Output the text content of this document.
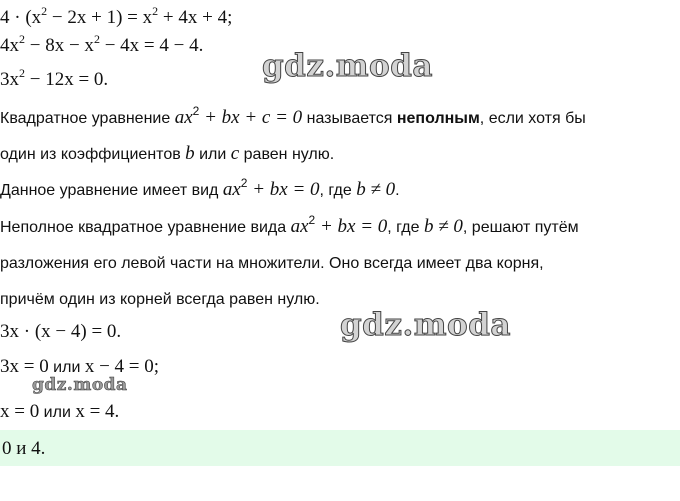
$4 \cdot (x^2 - 2x + 1) = x^2 + 4x + 4$;
$4x^2 - 8x - x^2 - 4x = 4 - 4$.
$3x^2 - 12x = 0$.
Квадратное уравнение $ax^2$ + bx + c = 0 называется неполным, если хотя бы
один из коэффициентов b или c равен нулю.
Данное уравнение имеет вид $ax^2$ + bx = 0, где b ≠ 0.
Неполное квадратное уравнение вида $ax^2$ + bx = 0, где b ≠ 0, решают путём
разложения его левой части на множители. Оно всегда имеет два корня,
причём один из корней всегда равен нулю.
3x · (x − 4) = 0.
3x = 0 или x − 4 = 0;
x = 0 или x = 4.
0 и 4.
gdz.moda
gdz.moda
gdz.moda
